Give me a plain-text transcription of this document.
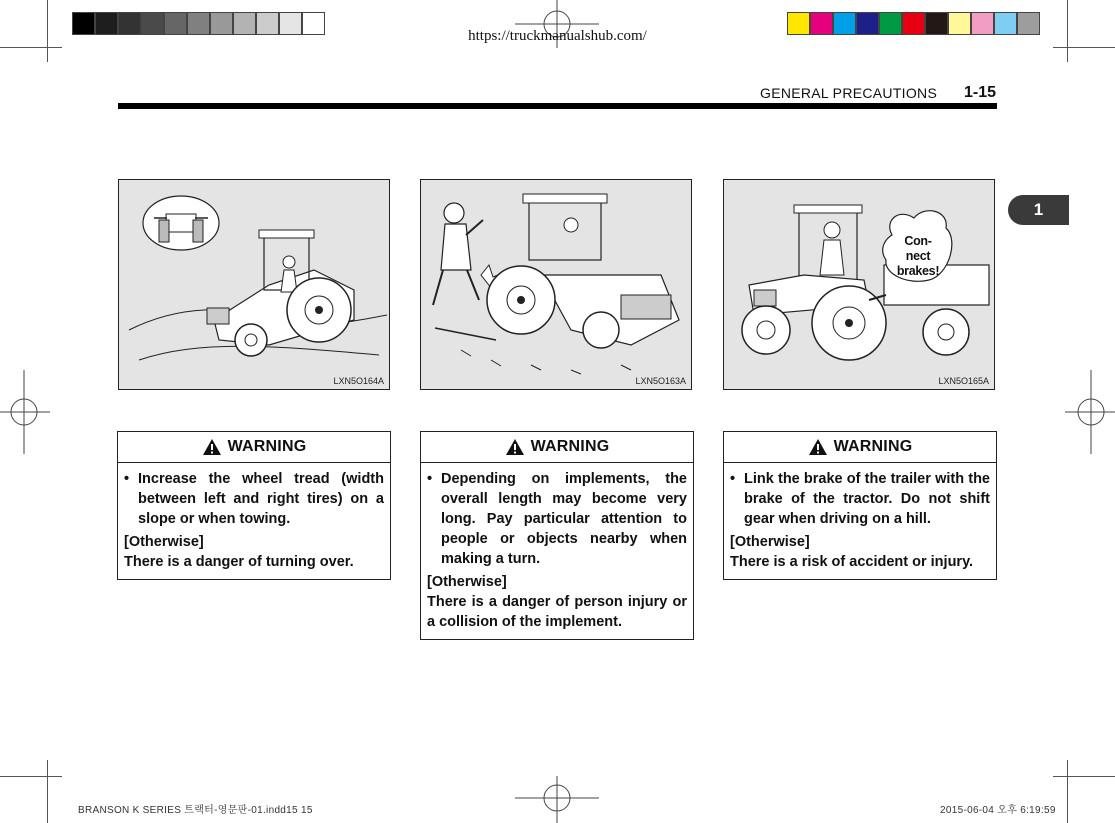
https://truckmanualshub.com/
GENERAL PRECAUTIONS 1-15
1
LXN5O164A	LXN5O163A
Con-
nect
brakes!
LXN5O165A
WARNING
• Increase the wheel tread (width between left and right tires) on a slope or when towing.
[Otherwise]
There is a danger of turning over.
WARNING
• Depending on implements, the overall length may become very long. Pay particular attention to people or objects nearby when making a turn.
[Otherwise]
There is a danger of person injury or a collision of the implement.
WARNING
• Link the brake of the trailer with the brake of the tractor. Do not shift gear when driving on a hill.
[Otherwise]
There is a risk of accident or injury.
BRANSON K SERIES 트랙터-영문판-01.indd15 15	2015-06-04 오후 6:19:59
